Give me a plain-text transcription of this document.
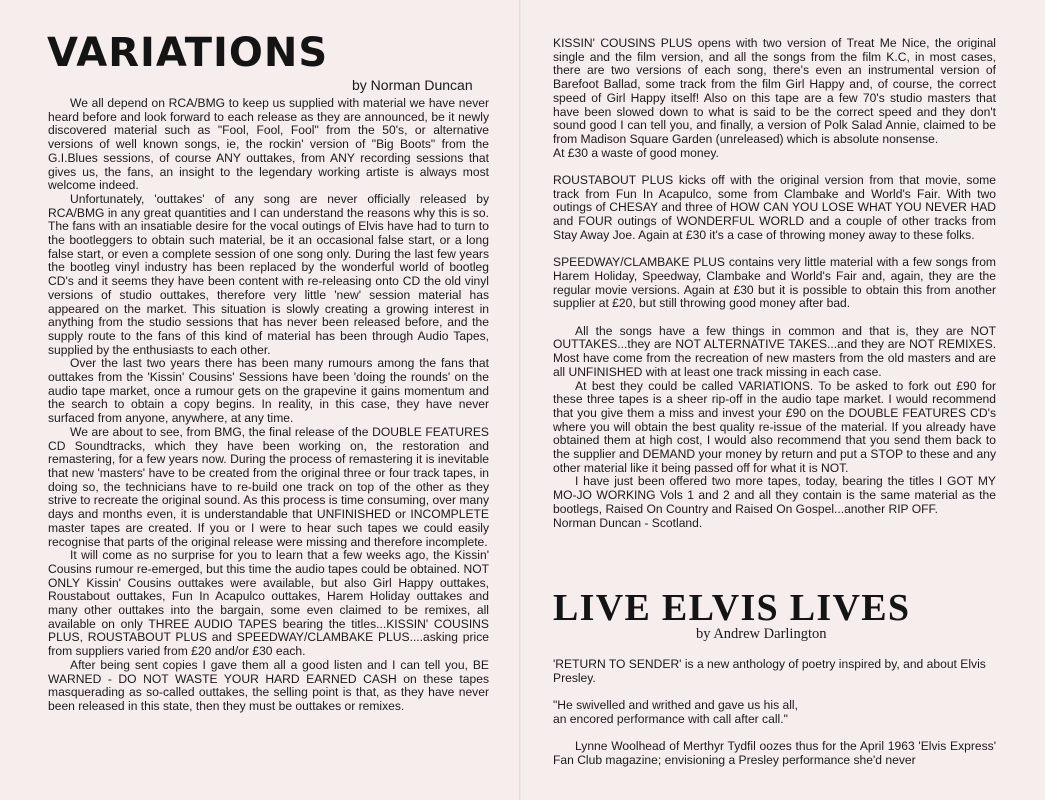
VARIATIONS
by Norman Duncan

We all depend on RCA/BMG to keep us supplied with material we have never heard before and look forward to each release as they are announced, be it newly discovered material such as "Fool, Fool, Fool" from the 50's, or alternative versions of well known songs, ie, the rockin' version of "Big Boots" from the G.I.Blues sessions, of course ANY outtakes, from ANY recording sessions that gives us, the fans, an insight to the legendary working artiste is always most welcome indeed.

Unfortunately, 'outtakes' of any song are never officially released by RCA/BMG in any great quantities and I can understand the reasons why this is so. The fans with an insatiable desire for the vocal outings of Elvis have had to turn to the bootleggers to obtain such material, be it an occasional false start, or a long false start, or even a complete session of one song only. During the last few years the bootleg vinyl industry has been replaced by the wonderful world of bootleg CD's and it seems they have been content with re-releasing onto CD the old vinyl versions of studio outtakes, therefore very little 'new' session material has appeared on the market. This situation is slowly creating a growing interest in anything from the studio sessions that has never been released before, and the supply route to the fans of this kind of material has been through Audio Tapes, supplied by the enthusiasts to each other.

Over the last two years there has been many rumours among the fans that outtakes from the 'Kissin' Cousins' Sessions have been 'doing the rounds' on the audio tape market, once a rumour gets on the grapevine it gains momentum and the search to obtain a copy begins. In reality, in this case, they have never surfaced from anyone, anywhere, at any time.

We are about to see, from BMG, the final release of the DOUBLE FEATURES CD Soundtracks, which they have been working on, the restoration and remastering, for a few years now. During the process of remastering it is inevitable that new 'masters' have to be created from the original three or four track tapes, in doing so, the technicians have to re-build one track on top of the other as they strive to recreate the original sound. As this process is time consuming, over many days and months even, it is understandable that UNFINISHED or INCOMPLETE master tapes are created. If you or I were to hear such tapes we could easily recognise that parts of the original release were missing and therefore incomplete.

It will come as no surprise for you to learn that a few weeks ago, the Kissin' Cousins rumour re-emerged, but this time the audio tapes could be obtained. NOT ONLY Kissin' Cousins outtakes were available, but also Girl Happy outtakes, Roustabout outtakes, Fun In Acapulco outtakes, Harem Holiday outtakes and many other outtakes into the bargain, some even claimed to be remixes, all available on only THREE AUDIO TAPES bearing the titles...KISSIN' COUSINS PLUS, ROUSTABOUT PLUS and SPEEDWAY/CLAMBAKE PLUS....asking price from suppliers varied from £20 and/or £30 each.

After being sent copies I gave them all a good listen and I can tell you, BE WARNED - DO NOT WASTE YOUR HARD EARNED CASH on these tapes masquerading as so-called outtakes, the selling point is that, as they have never been released in this state, then they must be outtakes or remixes.

KISSIN' COUSINS PLUS opens with two version of Treat Me Nice, the original single and the film version, and all the songs from the film K.C, in most cases, there are two versions of each song, there's even an instrumental version of Barefoot Ballad, some track from the film Girl Happy and, of course, the correct speed of Girl Happy itself! Also on this tape are a few 70's studio masters that have been slowed down to what is said to be the correct speed and they don't sound good I can tell you, and finally, a version of Polk Salad Annie, claimed to be from Madison Square Garden (unreleased) which is absolute nonsense.

At £30 a waste of good money.

ROUSTABOUT PLUS kicks off with the original version from that movie, some track from Fun In Acapulco, some from Clambake and World's Fair. With two outings of CHESAY and three of HOW CAN YOU LOSE WHAT YOU NEVER HAD and FOUR outings of WONDERFUL WORLD and a couple of other tracks from Stay Away Joe. Again at £30 it's a case of throwing money away to these folks.

SPEEDWAY/CLAMBAKE PLUS contains very little material with a few songs from Harem Holiday, Speedway, Clambake and World's Fair and, again, they are the regular movie versions. Again at £30 but it is possible to obtain this from another supplier at £20, but still throwing good money after bad.

All the songs have a few things in common and that is, they are NOT OUTTAKES...they are NOT ALTERNATIVE TAKES...and they are NOT REMIXES. Most have come from the recreation of new masters from the old masters and are all UNFINISHED with at least one track missing in each case.

At best they could be called VARIATIONS. To be asked to fork out £90 for these three tapes is a sheer rip-off in the audio tape market. I would recommend that you give them a miss and invest your £90 on the DOUBLE FEATURES CD's where you will obtain the best quality re-issue of the material. If you already have obtained them at high cost, I would also recommend that you send them back to the supplier and DEMAND your money by return and put a STOP to these and any other material like it being passed off for what it is NOT.

I have just been offered two more tapes, today, bearing the titles I GOT MY MO-JO WORKING Vols 1 and 2 and all they contain is the same material as the bootlegs, Raised On Country and Raised On Gospel...another RIP OFF.

Norman Duncan - Scotland.

LIVE ELVIS LIVES
by Andrew Darlington

'RETURN TO SENDER' is a new anthology of poetry inspired by, and about Elvis Presley.

"He swivelled and writhed and gave us his all,

an encored performance with call after call."

Lynne Woolhead of Merthyr Tydfil oozes thus for the April 1963 'Elvis Express' Fan Club magazine; envisioning a Presley performance she'd never
